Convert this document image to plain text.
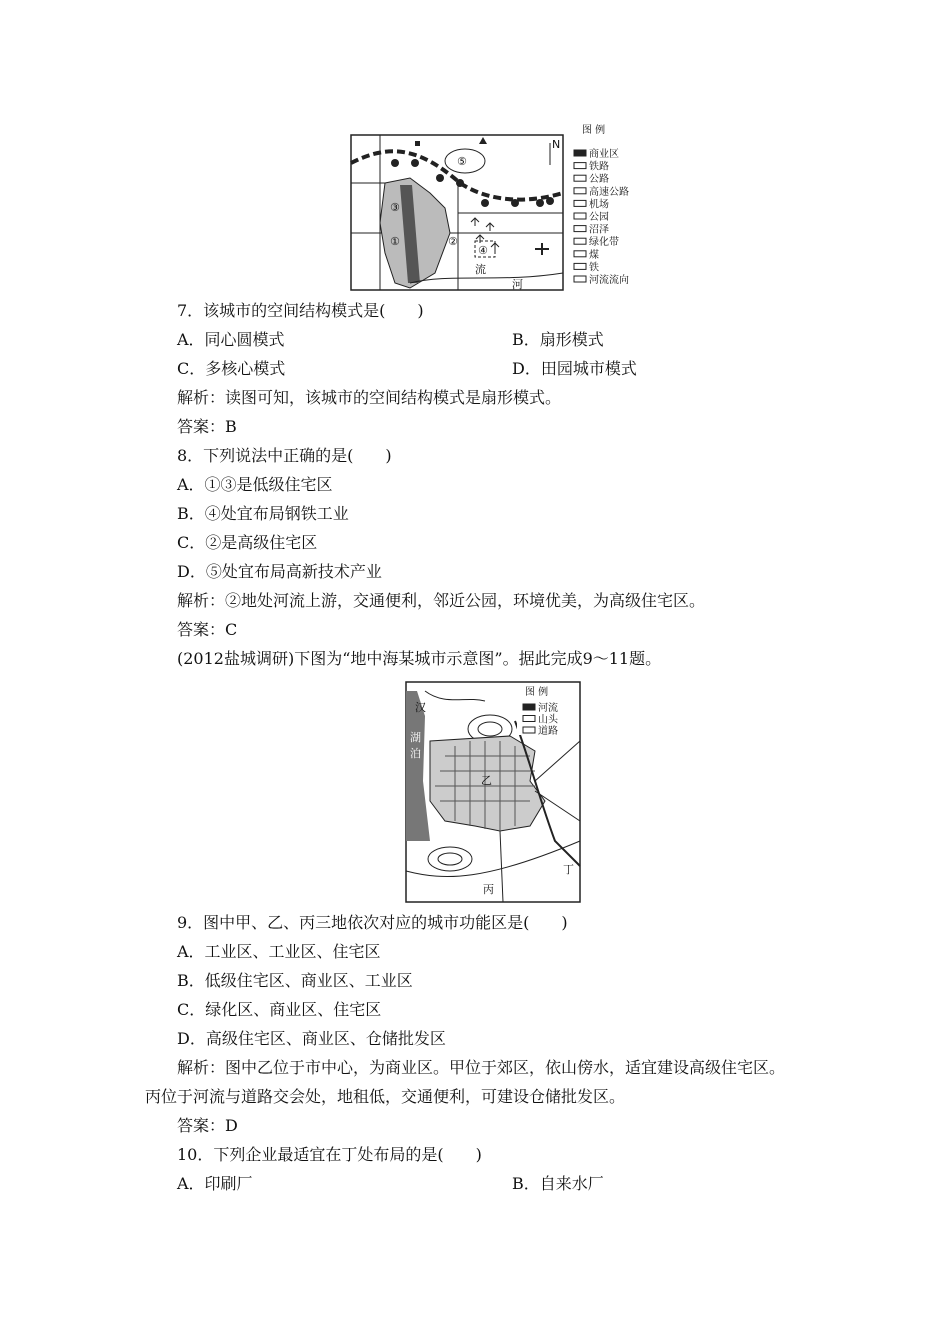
⑤
④
③
①	②
流
河
N
图 例
商业区
铁路
公路
高速公路
机场
公园
沼泽
绿化带
煤
铁
河流流向
7．该城市的空间结构模式是(　　)
A．同心圆模式	B．扇形模式
C．多核心模式	D．田园城市模式
解析：读图可知，该城市的空间结构模式是扇形模式。
答案：B
8．下列说法中正确的是(　　)
A．①③是低级住宅区
B．④处宜布局钢铁工业
C．②是高级住宅区
D．⑤处宜布局高新技术产业
解析：②地处河流上游，交通便利，邻近公园，环境优美，为高级住宅区。
答案：C
(2012盐城调研)下图为“地中海某城市示意图”。据此完成9～11题。
湖
泊
汉
乙
丁
丙
图 例
河流
山头
道路
9．图中甲、乙、丙三地依次对应的城市功能区是(　　)
A．工业区、工业区、住宅区
B．低级住宅区、商业区、工业区
C．绿化区、商业区、住宅区
D．高级住宅区、商业区、仓储批发区
解析：图中乙位于市中心，为商业区。甲位于郊区，依山傍水，适宜建设高级住宅区。
丙位于河流与道路交会处，地租低，交通便利，可建设仓储批发区。
答案：D
10．下列企业最适宜在丁处布局的是(　　)
A．印刷厂	B．自来水厂
